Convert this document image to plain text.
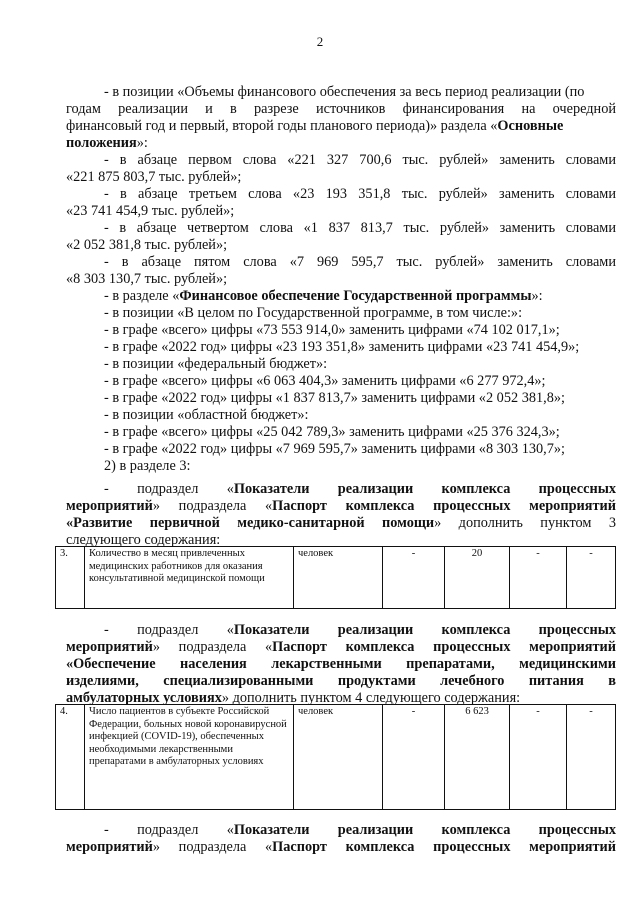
2
- в позиции «Объемы финансового обеспечения за весь период реализации (по
годам реализации и в разрезе источников финансирования на очередной
финансовый год и первый, второй годы планового периода)» раздела «Основные
положения»:
- в абзаце первом слова «221 327 700,6 тыс. рублей» заменить словами
«221 875 803,7 тыс. рублей»;
- в абзаце третьем слова «23 193 351,8 тыс. рублей» заменить словами
«23 741 454,9 тыс. рублей»;
- в абзаце четвертом слова «1 837 813,7 тыс. рублей» заменить словами
«2 052 381,8 тыс. рублей»;
- в абзаце пятом слова «7 969 595,7 тыс. рублей» заменить словами
«8 303 130,7 тыс. рублей»;
- в разделе «Финансовое обеспечение Государственной программы»:
- в позиции «В целом по Государственной программе, в том числе:»:
- в графе «всего» цифры «73 553 914,0» заменить цифрами «74 102 017,1»;
- в графе «2022 год» цифры «23 193 351,8» заменить цифрами «23 741 454,9»;
- в позиции «федеральный бюджет»:
- в графе «всего» цифры «6 063 404,3» заменить цифрами «6 277 972,4»;
- в графе «2022 год» цифры «1 837 813,7» заменить цифрами «2 052 381,8»;
- в позиции «областной бюджет»:
- в графе «всего» цифры «25 042 789,3» заменить цифрами «25 376 324,3»;
- в графе «2022 год» цифры «7 969 595,7» заменить цифрами «8 303 130,7»;
2) в разделе 3:
- подраздел «Показатели реализации комплекса процессных
мероприятий» подраздела «Паспорт комплекса процессных мероприятий
«Развитие первичной медико-санитарной помощи» дополнить пунктом 3
следующего содержания:
3.	Количество в месяц привлеченных медицинских работников для оказания консультативной медицинской помощи	человек	-	20	-	-
- подраздел «Показатели реализации комплекса процессных
мероприятий» подраздела «Паспорт комплекса процессных мероприятий
«Обеспечение населения лекарственными препаратами, медицинскими
изделиями, специализированными продуктами лечебного питания в
амбулаторных условиях» дополнить пунктом 4 следующего содержания:
4.	Число пациентов в субъекте Российской Федерации, больных новой коронавирусной инфекцией (COVID-19), обеспеченных необходимыми лекарственными препаратами в амбулаторных условиях	человек	-	6 623	-	-
- подраздел «Показатели реализации комплекса процессных
мероприятий» подраздела «Паспорт комплекса процессных мероприятий
